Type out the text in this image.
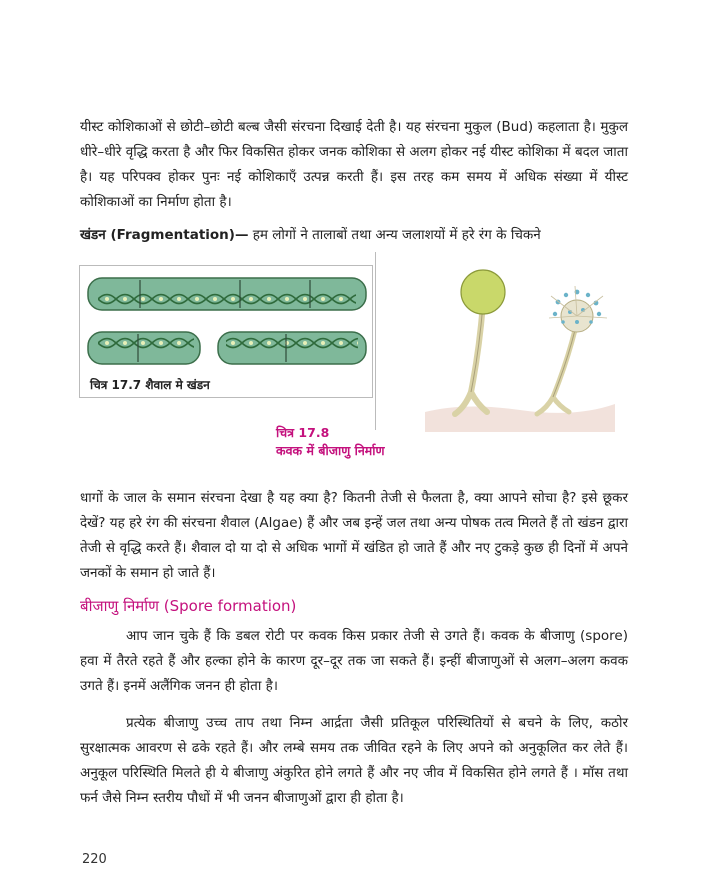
यीस्ट कोशिकाओं से छोटी–छोटी बल्ब जैसी संरचना दिखाई देती है। यह संरचना मुकुल (Bud) कहलाता है। मुकुल धीरे–धीरे वृद्धि करता है और फिर विकसित होकर जनक कोशिका से अलग होकर नई यीस्ट कोशिका में बदल जाता है। यह परिपक्व होकर पुनः नई कोशिकाएँ उत्पन्न करती हैं। इस तरह कम समय में अधिक संख्या में यीस्ट कोशिकाओं का निर्माण होता है।

खंडन (Fragmentation)— हम लोगों ने तालाबों तथा अन्य जलाशयों में हरे रंग के चिकने

चित्र 17.7 शैवाल मे खंडन
चित्र 17.8
कवक में बीजाणु निर्माण

धागों के जाल के समान संरचना देखा है यह क्या है? कितनी तेजी से फैलता है, क्या आपने सोचा है? इसे छूकर देखें? यह हरे रंग की संरचना शैवाल (Algae) हैं और जब इन्हें जल तथा अन्य पोषक तत्व मिलते हैं तो खंडन द्वारा तेजी से वृद्धि करते हैं। शैवाल दो या दो से अधिक भागों में खंडित हो जाते हैं और नए टुकड़े कुछ ही दिनों में अपने जनकों के समान हो जाते हैं।

बीजाणु निर्माण (Spore formation)

आप जान चुके हैं कि डबल रोटी पर कवक किस प्रकार तेजी से उगते हैं। कवक के बीजाणु (spore) हवा में तैरते रहते हैं और हल्का होने के कारण दूर–दूर तक जा सकते हैं। इन्हीं बीजाणुओं से अलग–अलग कवक उगते हैं। इनमें अलैंगिक जनन ही होता है।

प्रत्येक बीजाणु उच्च ताप तथा निम्न आर्द्रता जैसी प्रतिकूल परिस्थितियों से बचने के लिए, कठोर सुरक्षात्मक आवरण से ढके रहते हैं। और लम्बे समय तक जीवित रहने के लिए अपने को अनुकूलित कर लेते हैं। अनुकूल परिस्थिति मिलते ही ये बीजाणु अंकुरित होने लगते हैं और नए जीव में विकसित होने लगते हैं । मॉस तथा फर्न जैसे निम्न स्तरीय पौधों में भी जनन बीजाणुओं द्वारा ही होता है।

220
